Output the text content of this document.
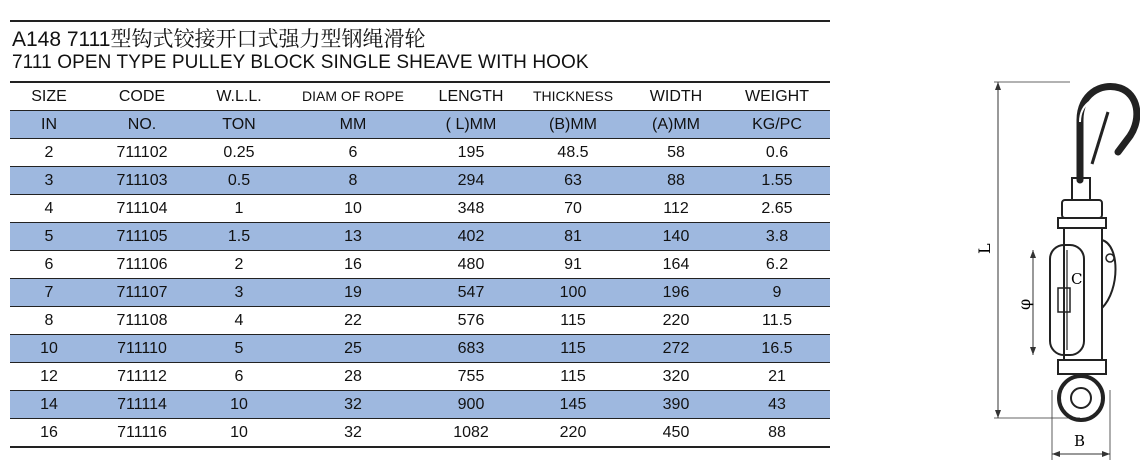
A148 7111型钩式铰接开口式强力型钢绳滑轮
7111 OPEN TYPE PULLEY BLOCK SINGLE SHEAVE WITH HOOK
SIZE	CODE	W.L.L.	DIAM OF ROPE	LENGTH	THICKNESS	WIDTH	WEIGHT
IN	NO.	TON	MM	( L)MM	(B)MM	(A)MM	KG/PC
2	711102	0.25	6	195	48.5	58	0.6
3	711103	0.5	8	294	63	88	1.55
4	711104	1	10	348	70	112	2.65
5	711105	1.5	13	402	81	140	3.8
6	711106	2	16	480	91	164	6.2
7	711107	3	19	547	100	196	9
8	711108	4	22	576	115	220	11.5
10	711110	5	25	683	115	272	16.5
12	711112	6	28	755	115	320	21
14	711114	10	32	900	145	390	43
16	711116	10	32	1082	220	450	88
L
φ
C
B
